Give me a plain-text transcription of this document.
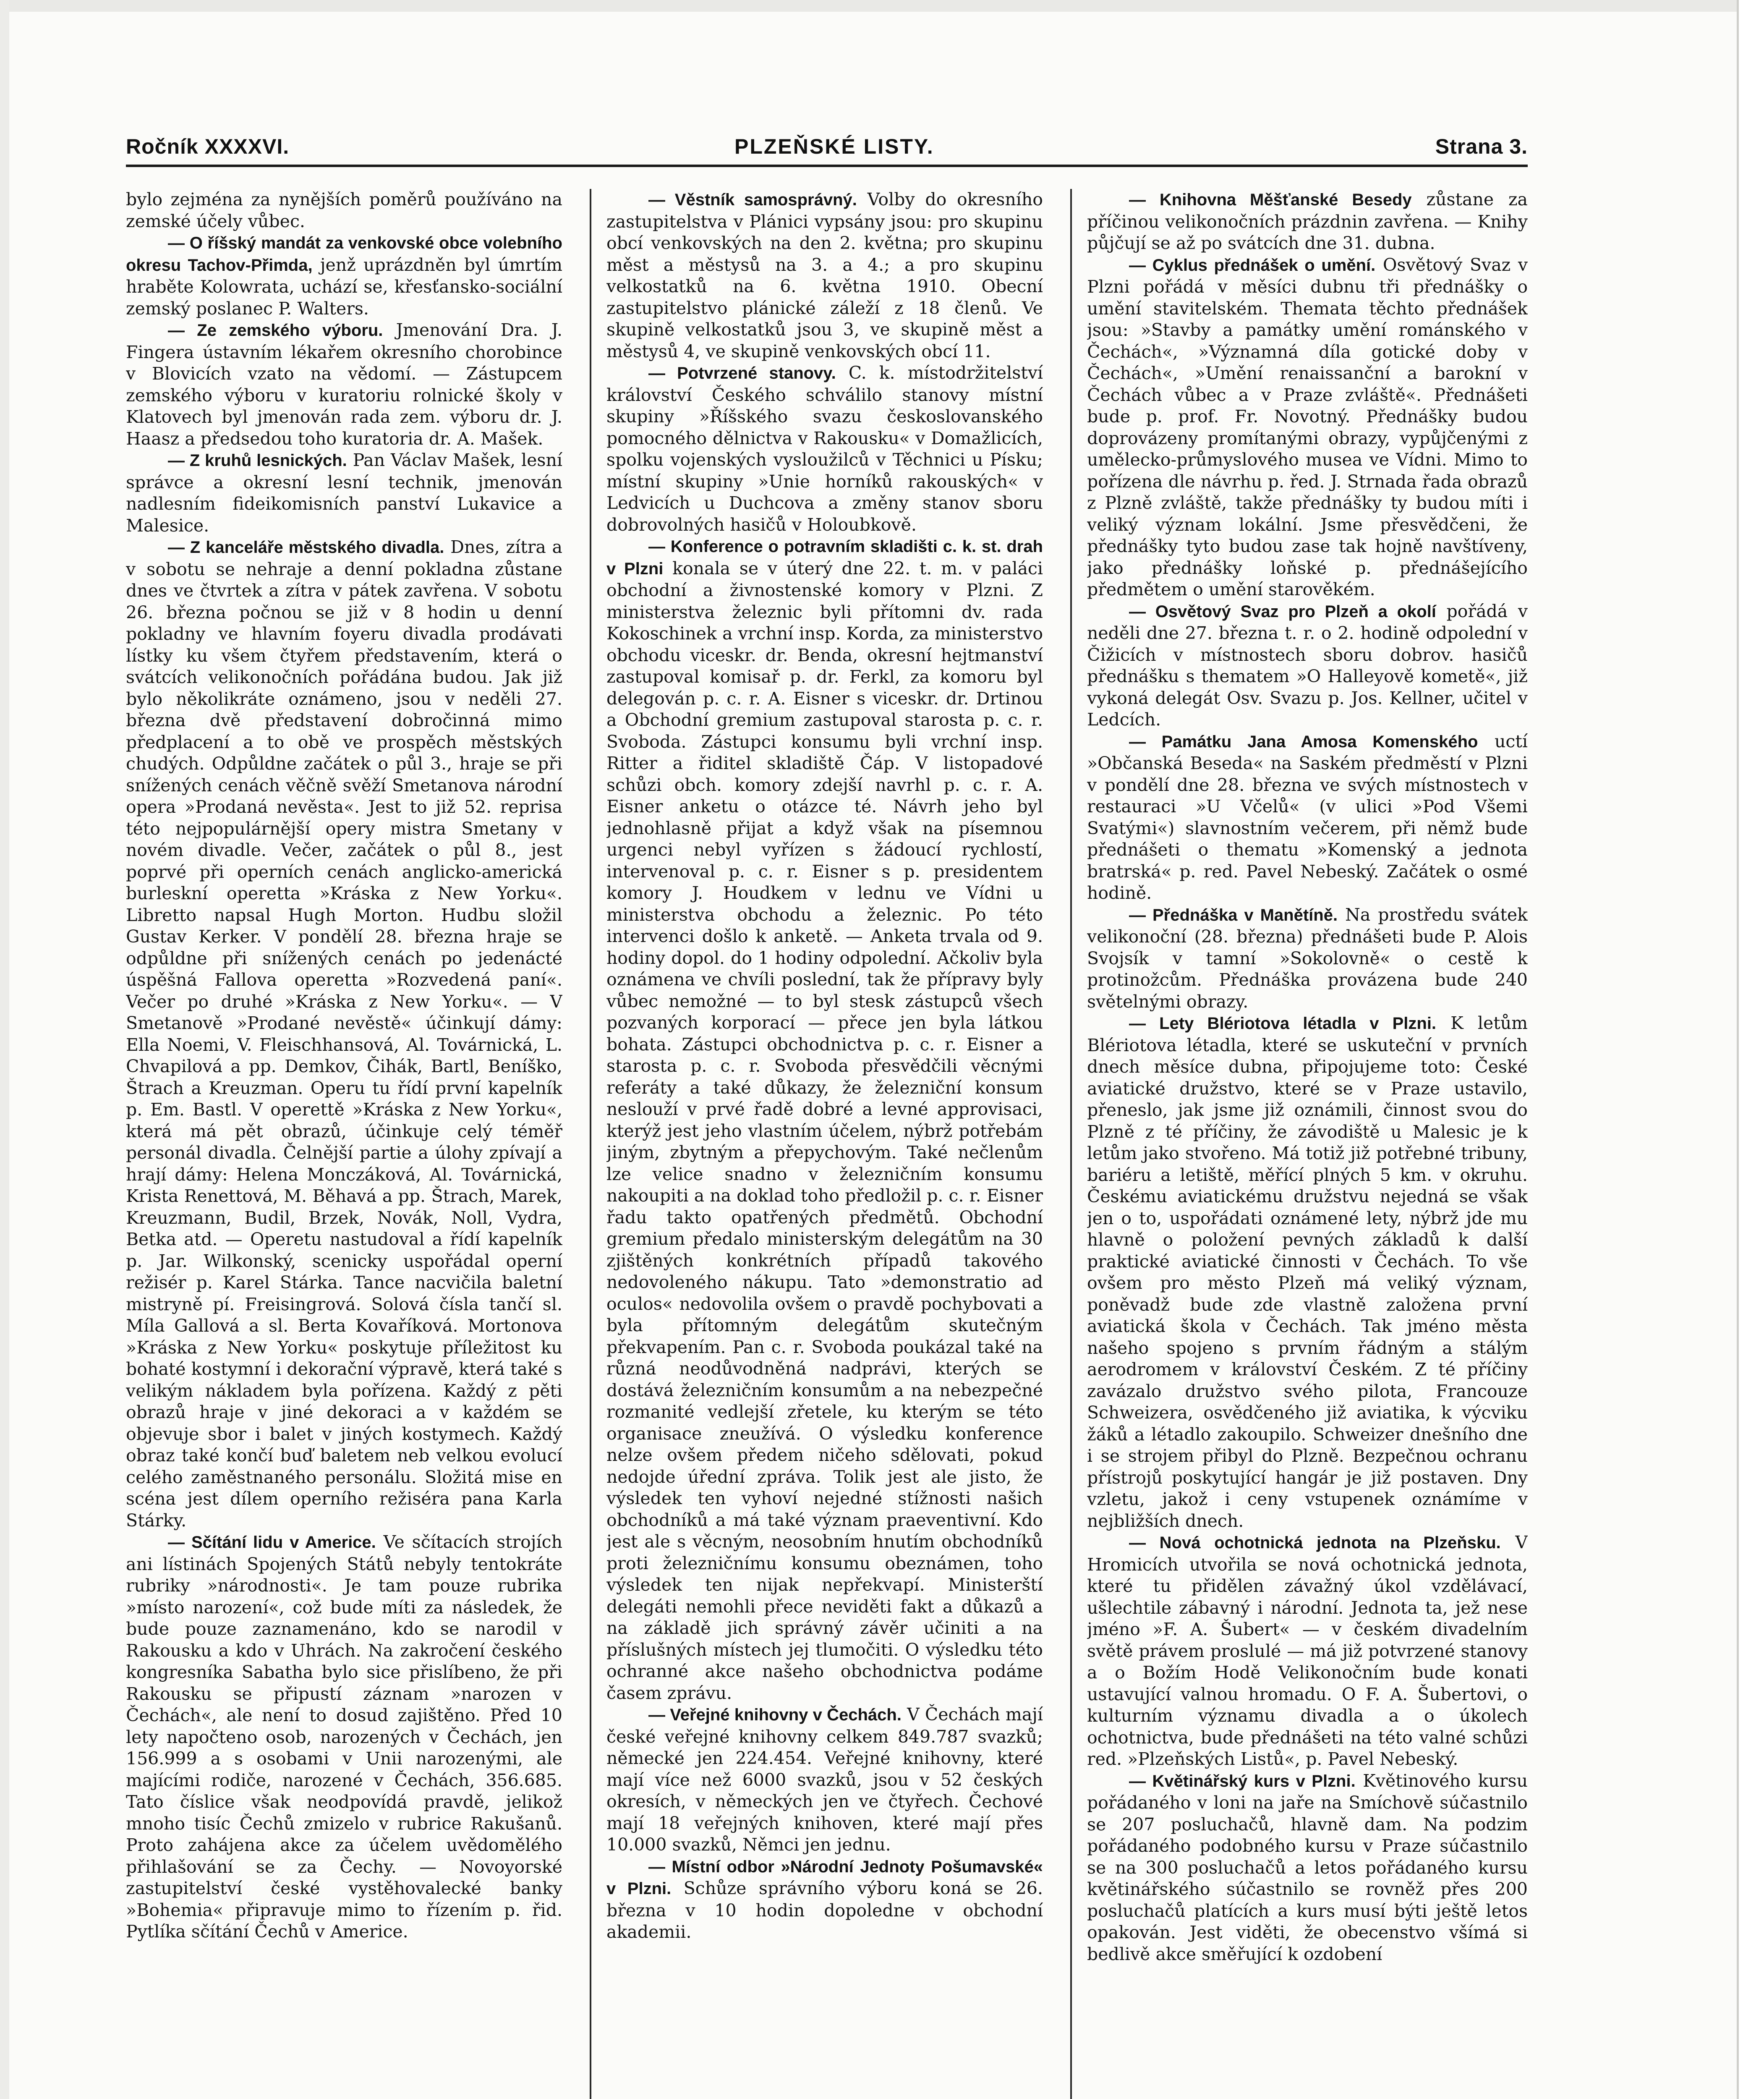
Ročník XXXXVI.	PLZEŇSKÉ LISTY.	Strana 3.

bylo zejména za nynějších poměrů používáno na zemské účely vůbec.

— O říšský mandát za venkovské obce volebního okresu Tachov-Přimda, jenž uprázdněn byl úmrtím hraběte Kolowrata, uchází se, křesťansko-sociální zemský poslanec P. Walters.

— Ze zemského výboru. Jmenování Dra. J. Fingera ústavním lékařem okresního chorobince v Blovicích vzato na vědomí. — Zástupcem zemského výboru v kuratoriu rolnické školy v Klatovech byl jmenován rada zem. výboru dr. J. Haasz a předsedou toho kuratoria dr. A. Mašek.

— Z kruhů lesnických. Pan Václav Mašek, lesní správce a okresní lesní technik, jmenován nadlesním fideikomisních panství Lukavice a Malesice.

— Z kanceláře městského divadla. Dnes, zítra a v sobotu se nehraje a denní pokladna zůstane dnes ve čtvrtek a zítra v pátek zavřena. V sobotu 26. března počnou se již v 8 hodin u denní pokladny ve hlavním foyeru divadla prodávati lístky ku všem čtyřem představením, která o svátcích velikonočních pořádána budou. Jak již bylo několikráte oznámeno, jsou v neděli 27. března dvě představení dobročinná mimo předplacení a to obě ve prospěch městských chudých. Odpůldne začátek o půl 3., hraje se při snížených cenách věčně svěží Smetanova národní opera »Prodaná nevěsta«. Jest to již 52. reprisa této nejpopulárnější opery mistra Smetany v novém divadle. Večer, začátek o půl 8., jest poprvé při operních cenách anglicko-americká burleskní operetta »Kráska z New Yorku«. Libretto napsal Hugh Morton. Hudbu složil Gustav Kerker. V pondělí 28. března hraje se odpůldne při snížených cenách po jedenácté úspěšná Fallova operetta »Rozvedená paní«. Večer po druhé »Kráska z New Yorku«. — V Smetanově »Prodané nevěstě« účinkují dámy: Ella Noemi, V. Fleischhansová, Al. Továrnická, L. Chvapilová a pp. Demkov, Čihák, Bartl, Beníško, Štrach a Kreuzman. Operu tu řídí první kapelník p. Em. Bastl. V operettě »Kráska z New Yorku«, která má pět obrazů, účinkuje celý téměř personál divadla. Čelnější partie a úlohy zpívají a hrají dámy: Helena Monczáková, Al. Továrnická, Krista Renettová, M. Běhavá a pp. Štrach, Marek, Kreuzmann, Budil, Brzek, Novák, Noll, Vydra, Betka atd. — Operetu nastudoval a řídí kapelník p. Jar. Wilkonský, scenicky uspořádal operní režisér p. Karel Stárka. Tance nacvičila baletní mistryně pí. Freisingrová. Solová čísla tančí sl. Míla Gallová a sl. Berta Kovaříková. Mortonova »Kráska z New Yorku« poskytuje příležitost ku bohaté kostymní i dekorační výpravě, která také s velikým nákladem byla pořízena. Každý z pěti obrazů hraje v jiné dekoraci a v každém se objevuje sbor i balet v jiných kostymech. Každý obraz také končí buď baletem neb velkou evolucí celého zaměstnaného personálu. Složitá mise en scéna jest dílem operního režiséra pana Karla Stárky.

— Sčítání lidu v Americe. Ve sčítacích strojích ani lístinách Spojených Států nebyly tentokráte rubriky »národnosti«. Je tam pouze rubrika »místo narození«, což bude míti za následek, že bude pouze zaznamenáno, kdo se narodil v Rakousku a kdo v Uhrách. Na zakročení českého kongresníka Sabatha bylo sice přislíbeno, že při Rakousku se připustí záznam »narozen v Čechách«, ale není to dosud zajištěno. Před 10 lety napočteno osob, narozených v Čechách, jen 156.999 a s osobami v Unii narozenými, ale majícími rodiče, narozené v Čechách, 356.685. Tato číslice však neodpovídá pravdě, jelikož mnoho tisíc Čechů zmizelo v rubrice Rakušanů. Proto zahájena akce za účelem uvědomělého přihlašování se za Čechy. — Novoyorské zastupitelství české vystěhovalecké banky »Bohemia« připravuje mimo to řízením p. řid. Pytlíka sčítání Čechů v Americe.

— Věstník samosprávný. Volby do okresního zastupitelstva v Plánici vypsány jsou: pro skupinu obcí venkovských na den 2. května; pro skupinu měst a městysů na 3. a 4.; a pro skupinu velkostatků na 6. května 1910. Obecní zastupitelstvo plánické záleží z 18 členů. Ve skupině velkostatků jsou 3, ve skupině měst a městysů 4, ve skupině venkovských obcí 11.

— Potvrzené stanovy. C. k. místodržitelství království Českého schválilo stanovy místní skupiny »Říšského svazu českoslovanského pomocného dělnictva v Rakousku« v Domažlicích, spolku vojenských vysloužilců v Těchnici u Písku; místní skupiny »Unie horníků rakouských« v Ledvicích u Duchcova a změny stanov sboru dobrovolných hasičů v Holoubkově.

— Konference o potravním skladišti c. k. st. drah v Plzni konala se v úterý dne 22. t. m. v paláci obchodní a živnostenské komory v Plzni. Z ministerstva železnic byli přítomni dv. rada Kokoschinek a vrchní insp. Korda, za ministerstvo obchodu viceskr. dr. Benda, okresní hejtmanství zastupoval komisař p. dr. Ferkl, za komoru byl delegován p. c. r. A. Eisner s viceskr. dr. Drtinou a Obchodní gremium zastupoval starosta p. c. r. Svoboda. Zástupci konsumu byli vrchní insp. Ritter a řiditel skladiště Čáp. V listopadové schůzi obch. komory zdejší navrhl p. c. r. A. Eisner anketu o otázce té. Návrh jeho byl jednohlasně přijat a když však na písemnou urgenci nebyl vyřízen s žádoucí rychlostí, intervenoval p. c. r. Eisner s p. presidentem komory J. Houdkem v lednu ve Vídni u ministerstva obchodu a železnic. Po této intervenci došlo k anketě. — Anketa trvala od 9. hodiny dopol. do 1 hodiny odpolední. Ačkoliv byla oznámena ve chvíli poslední, tak že přípravy byly vůbec nemožné — to byl stesk zástupců všech pozvaných korporací — přece jen byla látkou bohata. Zástupci obchodnictva p. c. r. Eisner a starosta p. c. r. Svoboda přesvědčili věcnými referáty a také důkazy, že železniční konsum neslouží v prvé řadě dobré a levné approvisaci, kterýž jest jeho vlastním účelem, nýbrž potřebám jiným, zbytným a přepychovým. Také nečlenům lze velice snadno v železničním konsumu nakoupiti a na doklad toho předložil p. c. r. Eisner řadu takto opatřených předmětů. Obchodní gremium předalo ministerským delegátům na 30 zjištěných konkrétních případů takového nedovoleného nákupu. Tato »demonstratio ad oculos« nedovolila ovšem o pravdě pochybovati a byla přítomným delegátům skutečným překvapením. Pan c. r. Svoboda poukázal také na různá neodůvodněná nadprávi, kterých se dostává železničním konsumům a na nebezpečné rozmanité vedlejší zřetele, ku kterým se této organisace zneužívá. O výsledku konference nelze ovšem předem ničeho sdělovati, pokud nedojde úřední zpráva. Tolik jest ale jisto, že výsledek ten vyhoví nejedné stížnosti našich obchodníků a má také význam praeventivní. Kdo jest ale s věcným, neosobním hnutím obchodníků proti železničnímu konsumu obeznámen, toho výsledek ten nijak nepřekvapí. Ministerští delegáti nemohli přece neviděti fakt a důkazů a na základě jich správný závěr učiniti a na příslušných místech jej tlumočiti. O výsledku této ochranné akce našeho obchodnictva podáme časem zprávu.

— Veřejné knihovny v Čechách. V Čechách mají české veřejné knihovny celkem 849.787 svazků; německé jen 224.454. Veřejné knihovny, které mají více než 6000 svazků, jsou v 52 českých okresích, v německých jen ve čtyřech. Čechové mají 18 veřejných knihoven, které mají přes 10.000 svazků, Němci jen jednu.

— Místní odbor »Národní Jednoty Pošumavské« v Plzni. Schůze správního výboru koná se 26. března v 10 hodin dopoledne v obchodní akademii.

— Knihovna Měšťanské Besedy zůstane za příčinou velikonočních prázdnin zavřena. — Knihy půjčují se až po svátcích dne 31. dubna.

— Cyklus přednášek o umění. Osvětový Svaz v Plzni pořádá v měsíci dubnu tři přednášky o umění stavitelském. Themata těchto přednášek jsou: »Stavby a památky umění románského v Čechách«, »Významná díla gotické doby v Čechách«, »Umění renaissanční a barokní v Čechách vůbec a v Praze zvláště«. Přednášeti bude p. prof. Fr. Novotný. Přednášky budou doprovázeny promítanými obrazy, vypůjčenými z umělecko-průmyslového musea ve Vídni. Mimo to pořízena dle návrhu p. řed. J. Strnada řada obrazů z Plzně zvláště, takže přednášky ty budou míti i veliký význam lokální. Jsme přesvědčeni, že přednášky tyto budou zase tak hojně navštíveny, jako přednášky loňské p. přednášejícího předmětem o umění starověkém.

— Osvětový Svaz pro Plzeň a okolí pořádá v neděli dne 27. března t. r. o 2. hodině odpolední v Čižicích v místnostech sboru dobrov. hasičů přednášku s thematem »O Halleyově kometě«, již vykoná delegát Osv. Svazu p. Jos. Kellner, učitel v Ledcích.

— Památku Jana Amosa Komenského uctí »Občanská Beseda« na Saském předměstí v Plzni v pondělí dne 28. března ve svých místnostech v restauraci »U Včelů« (v ulici »Pod Všemi Svatými«) slavnostním večerem, při němž bude přednášeti o thematu »Komenský a jednota bratrská« p. red. Pavel Nebeský. Začátek o osmé hodině.

— Přednáška v Manětíně. Na prostředu svátek velikonoční (28. března) přednášeti bude P. Alois Svojsík v tamní »Sokolovně« o cestě k protinožcům. Přednáška provázena bude 240 světelnými obrazy.

— Lety Blériotova létadla v Plzni. K letům Blériotova létadla, které se uskuteční v prvních dnech měsíce dubna, připojujeme toto: České aviatické družstvo, které se v Praze ustavilo, přeneslo, jak jsme již oznámili, činnost svou do Plzně z té příčiny, že závodiště u Malesic je k letům jako stvořeno. Má totiž již potřebné tribuny, bariéru a letiště, měřící plných 5 km. v okruhu. Českému aviatickému družstvu nejedná se však jen o to, uspořádati oznámené lety, nýbrž jde mu hlavně o položení pevných základů k další praktické aviatické činnosti v Čechách. To vše ovšem pro město Plzeň má veliký význam, poněvadž bude zde vlastně založena první aviatická škola v Čechách. Tak jméno města našeho spojeno s prvním řádným a stálým aerodromem v království Českém. Z té příčiny zavázalo družstvo svého pilota, Francouze Schweizera, osvědčeného již aviatika, k výcviku žáků a létadlo zakoupilo. Schweizer dnešního dne i se strojem přibyl do Plzně. Bezpečnou ochranu přístrojů poskytující hangár je již postaven. Dny vzletu, jakož i ceny vstupenek oznámíme v nejbližších dnech.

— Nová ochotnická jednota na Plzeňsku. V Hromicích utvořila se nová ochotnická jednota, které tu přidělen závažný úkol vzdělávací, ušlechtile zábavný i národní. Jednota ta, jež nese jméno »F. A. Šubert« — v českém divadelním světě právem proslulé — má již potvrzené stanovy a o Božím Hodě Velikonočním bude konati ustavující valnou hromadu. O F. A. Šubertovi, o kulturním významu divadla a o úkolech ochotnictva, bude přednášeti na této valné schůzi red. »Plzeňských Listů«, p. Pavel Nebeský.

— Květinářský kurs v Plzni. Květinového kursu pořádaného v loni na jaře na Smíchově súčastnilo se 207 posluchačů, hlavně dam. Na podzim pořádaného podobného kursu v Praze súčastnilo se na 300 posluchačů a letos pořádaného kursu květinářského súčastnilo se rovněž přes 200 posluchačů platících a kurs musí býti ještě letos opakován. Jest viděti, že obecenstvo všímá si bedlivě akce směřující k ozdobení
